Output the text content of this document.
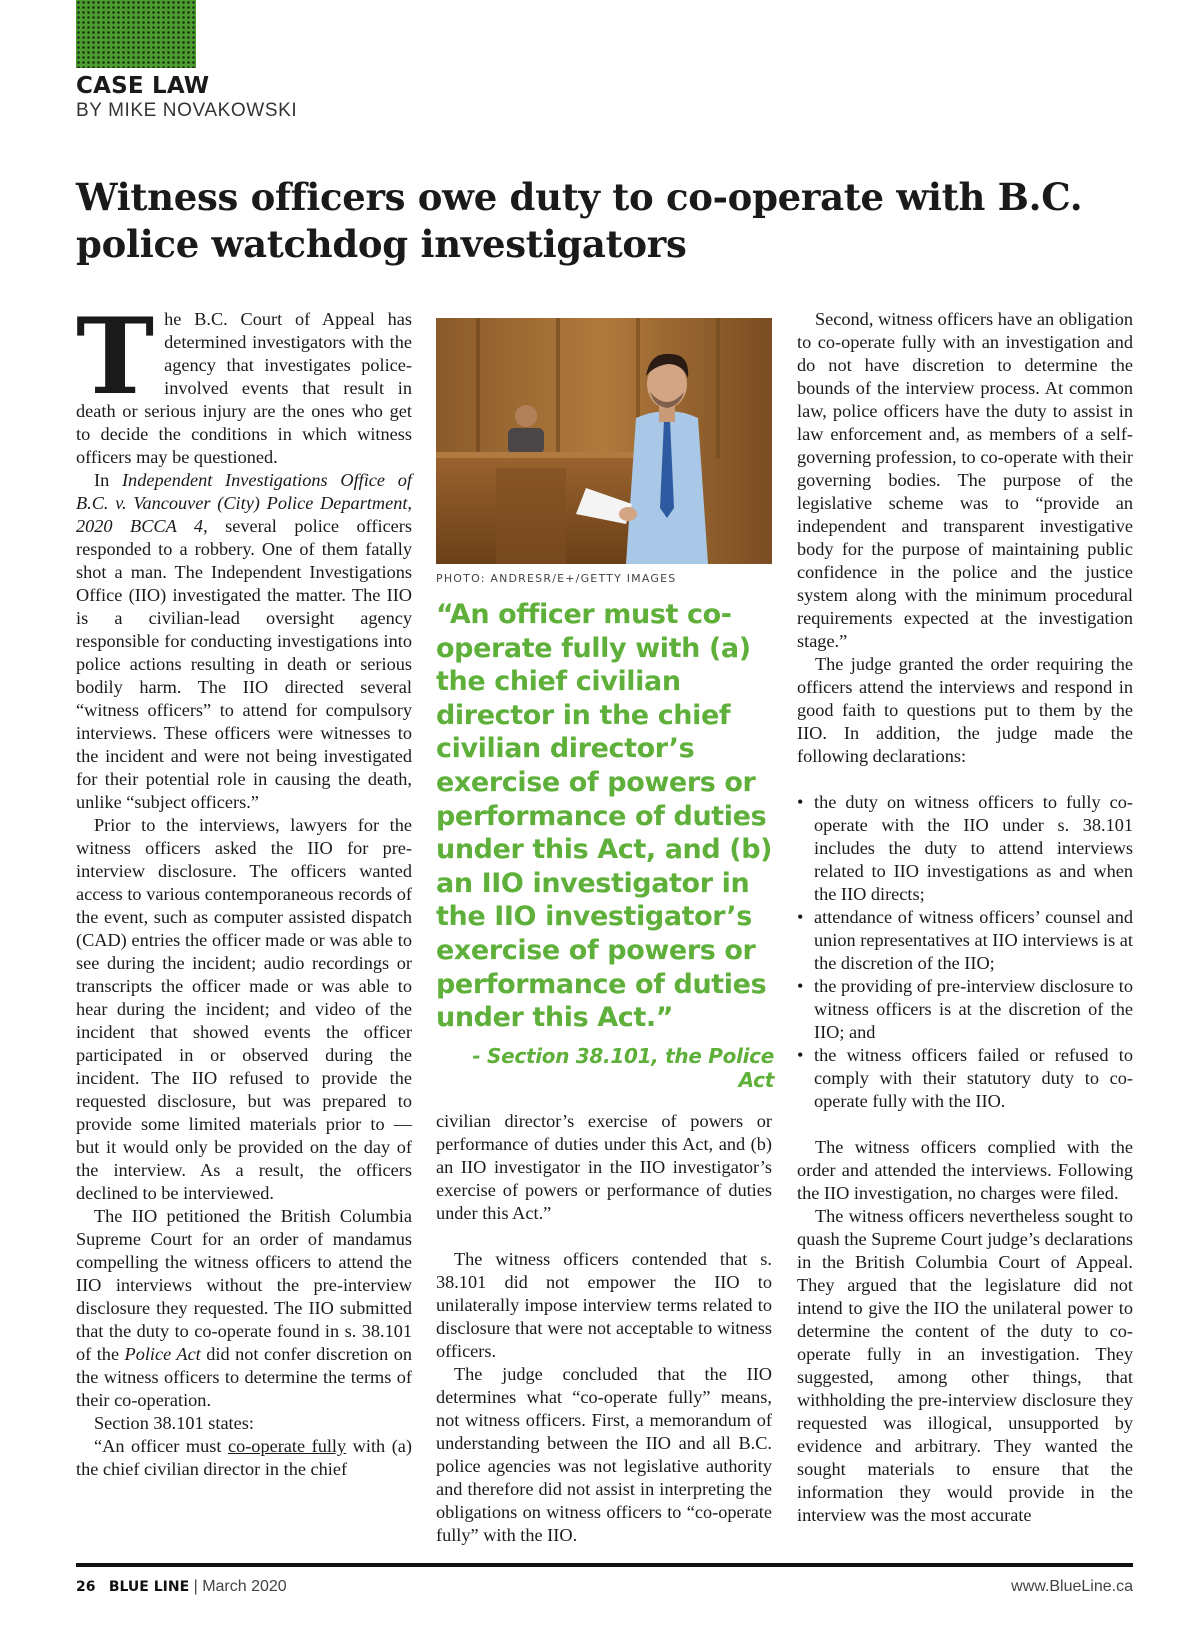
CASE LAW
BY MIKE NOVAKOWSKI
Witness officers owe duty to co-operate with B.C. police watchdog investigators

The B.C. Court of Appeal has determined investigators with the agency that investigates police-involved events that result in death or serious injury are the ones who get to decide the conditions in which witness officers may be questioned.

In Independent Investigations Office of B.C. v. Vancouver (City) Police Department, 2020 BCCA 4, several police officers responded to a robbery. One of them fatally shot a man. The Independent Investigations Office (IIO) investigated the matter. The IIO is a civilian-lead oversight agency responsible for conducting investigations into police actions resulting in death or serious bodily harm. The IIO directed several “witness officers” to attend for compulsory interviews. These officers were witnesses to the incident and were not being investigated for their potential role in causing the death, unlike “subject officers.”

Prior to the interviews, lawyers for the witness officers asked the IIO for pre-interview disclosure. The officers wanted access to various contemporaneous records of the event, such as computer assisted dispatch (CAD) entries the officer made or was able to see during the incident; audio recordings or transcripts the officer made or was able to hear during the incident; and video of the incident that showed events the officer participated in or observed during the incident. The IIO refused to provide the requested disclosure, but was prepared to provide some limited materials prior to — but it would only be provided on the day of the interview. As a result, the officers declined to be interviewed.

The IIO petitioned the British Columbia Supreme Court for an order of mandamus compelling the witness officers to attend the IIO interviews without the pre-interview disclosure they requested. The IIO submitted that the duty to co-operate found in s. 38.101 of the Police Act did not confer discretion on the witness officers to determine the terms of their co-operation.

Section 38.101 states:

“An officer must co-operate fully with (a) the chief civilian director in the chief

PHOTO: ANDRESR/E+/GETTY IMAGES
“An officer must co-operate fully with (a) the chief civilian director in the chief civilian director’s exercise of powers or performance of duties under this Act, and (b) an IIO investigator in the IIO investigator’s exercise of powers or performance of duties under this Act.”
- Section 38.101, the Police Act

civilian director’s exercise of powers or performance of duties under this Act, and (b) an IIO investigator in the IIO investigator’s exercise of powers or performance of duties under this Act.”

The witness officers contended that s. 38.101 did not empower the IIO to unilaterally impose interview terms related to disclosure that were not acceptable to witness officers.

The judge concluded that the IIO determines what “co-operate fully” means, not witness officers. First, a memorandum of understanding between the IIO and all B.C. police agencies was not legislative authority and therefore did not assist in interpreting the obligations on witness officers to “co-operate fully” with the IIO.

Second, witness officers have an obligation to co-operate fully with an investigation and do not have discretion to determine the bounds of the interview process. At common law, police officers have the duty to assist in law enforcement and, as members of a self-governing profession, to co-operate with their governing bodies. The purpose of the legislative scheme was to “provide an independent and transparent investigative body for the purpose of maintaining public confidence in the police and the justice system along with the minimum procedural requirements expected at the investigation stage.”

The judge granted the order requiring the officers attend the interviews and respond in good faith to questions put to them by the IIO. In addition, the judge made the following declarations:

• the duty on witness officers to fully co-operate with the IIO under s. 38.101 includes the duty to attend interviews related to IIO investigations as and when the IIO directs;
• attendance of witness officers’ counsel and union representatives at IIO interviews is at the discretion of the IIO;
• the providing of pre-interview disclosure to witness officers is at the discretion of the IIO; and
• the witness officers failed or refused to comply with their statutory duty to co-operate fully with the IIO.

The witness officers complied with the order and attended the interviews. Following the IIO investigation, no charges were filed.

The witness officers nevertheless sought to quash the Supreme Court judge’s declarations in the British Columbia Court of Appeal. They argued that the legislature did not intend to give the IIO the unilateral power to determine the content of the duty to co-operate fully in an investigation. They suggested, among other things, that withholding the pre-interview disclosure they requested was illogical, unsupported by evidence and arbitrary. They wanted the sought materials to ensure that the information they would provide in the interview was the most accurate

26 BLUE LINE | March 2020	www.BlueLine.ca
